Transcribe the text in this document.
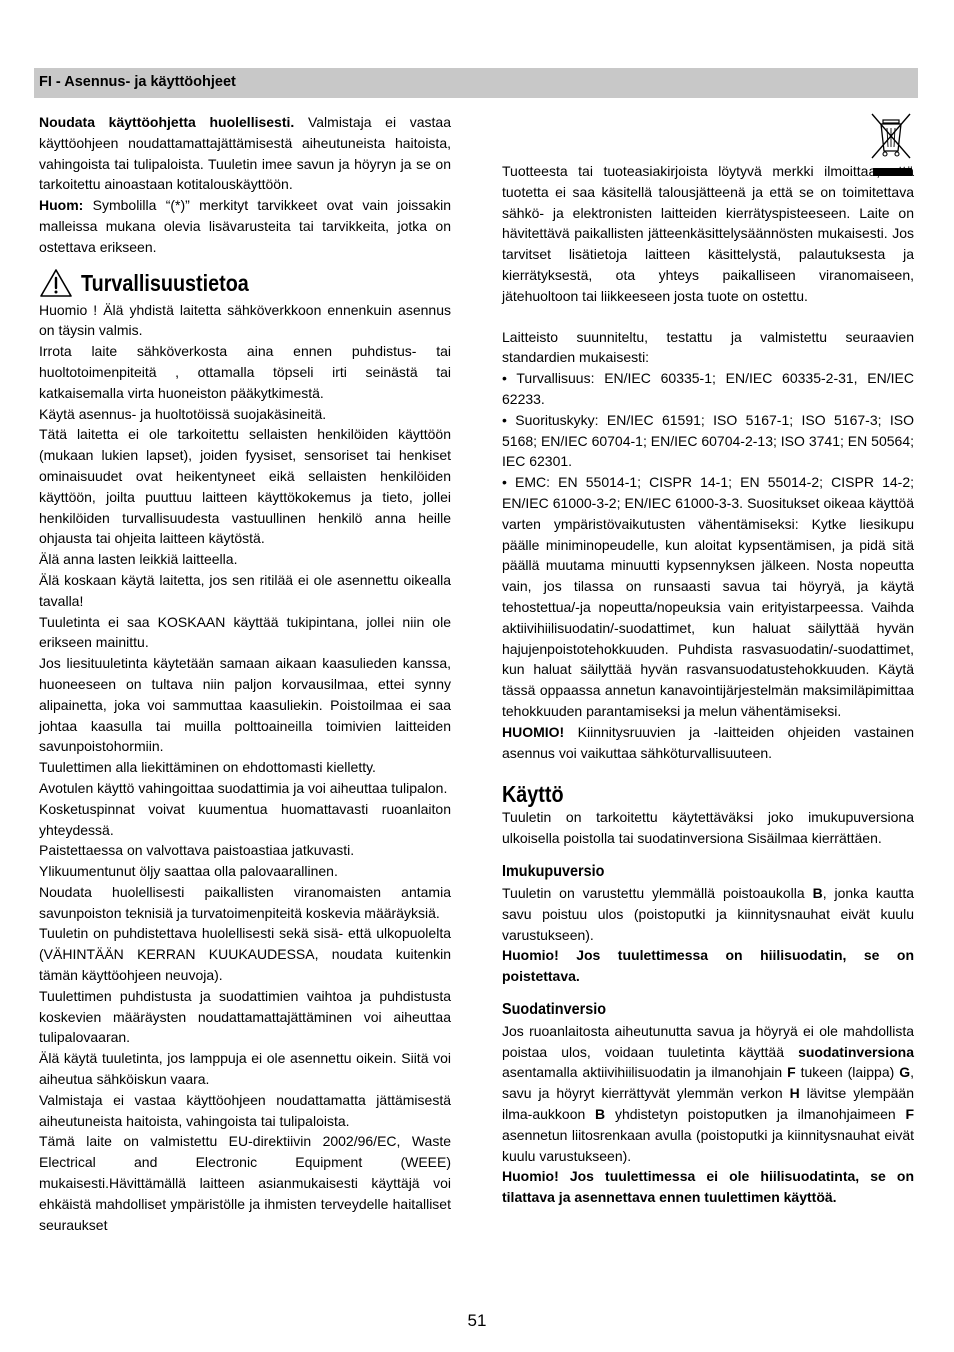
FI - Asennus- ja käyttöohjeet

Noudata käyttöohjetta huolellisesti. Valmistaja ei vastaa käyttöohjeen noudattamattajättämisestä aiheutuneista haitoista, vahingoista tai tulipaloista. Tuuletin imee savun ja höyryn ja se on tarkoitettu ainoastaan kotitalouskäyttöön.

Huom: Symbolilla “(*)” merkityt tarvikkeet ovat vain joissakin malleissa mukana olevia lisävarusteita tai tarvikkeita, jotka on ostettava erikseen.

Turvallisuustietoa

Huomio ! Älä yhdistä laitetta sähköverkkoon ennenkuin asennus on täysin valmis.

Irrota laite sähköverkosta aina ennen puhdistus- tai huoltotoimenpiteitä , ottamalla töpseli irti seinästä tai katkaisemalla virta huoneiston pääkytkimestä.

Käytä asennus- ja huoltotöissä suojakäsineitä.

Tätä laitetta ei ole tarkoitettu sellaisten henkilöiden käyttöön (mukaan lukien lapset), joiden fyysiset, sensoriset tai henkiset ominaisuudet ovat heikentyneet eikä sellaisten henkilöiden käyttöön, joilta puuttuu laitteen käyttökokemus ja tieto, jollei henkilöiden turvallisuudesta vastuullinen henkilö anna heille ohjausta tai ohjeita laitteen käytöstä.

Älä anna lasten leikkiä laitteella.

Älä koskaan käytä laitetta, jos sen ritilää ei ole asennettu oikealla tavalla!

Tuuletinta ei saa KOSKAAN käyttää tukipintana, jollei niin ole erikseen mainittu.

Jos liesituuletinta käytetään samaan aikaan kaasulieden kanssa, huoneeseen on tultava niin paljon korvausilmaa, ettei synny alipainetta, joka voi sammuttaa kaasuliekin. Poistoilmaa ei saa johtaa kaasulla tai muilla polttoaineilla toimivien laitteiden savunpoistohormiin.

Tuulettimen alla liekittäminen on ehdottomasti kielletty.

Avotulen käyttö vahingoittaa suodattimia ja voi aiheuttaa tulipalon.

Kosketuspinnat voivat kuumentua huomattavasti ruoanlaiton yhteydessä.

Paistettaessa on valvottava paistoastiaa jatkuvasti.

Ylikuumentunut öljy saattaa olla palovaarallinen.

Noudata huolellisesti paikallisten viranomaisten antamia savunpoiston teknisiä ja turvatoimenpiteitä koskevia määräyksiä.

Tuuletin on puhdistettava huolellisesti sekä sisä- että ulkopuolelta (VÄHINTÄÄN KERRAN KUUKAUDESSA, noudata kuitenkin tämän käyttöohjeen neuvoja).

Tuulettimen puhdistusta ja suodattimien vaihtoa ja puhdistusta koskevien määräysten noudattamattajättäminen voi aiheuttaa tulipalovaaran.

Älä käytä tuuletinta, jos lamppuja ei ole asennettu oikein. Siitä voi aiheutua sähköiskun vaara.

Valmistaja ei vastaa käyttöohjeen noudattamatta jättämisestä aiheutuneista haitoista, vahingoista tai tulipaloista.

Tämä laite on valmistettu EU-direktiivin 2002/96/EC, Waste Electrical and Electronic Equipment (WEEE) mukaisesti.Hävittämällä laitteen asianmukaisesti käyttäjä voi ehkäistä mahdolliset ympäristölle ja ihmisten terveydelle haitalliset seuraukset

Tuotteesta tai tuoteasiakirjoista löytyvä merkki ilmoittaa, että tuotetta ei saa käsitellä talousjätteenä ja että se on toimitettava sähkö- ja elektronisten laitteiden kierrätyspisteeseen. Laite on hävitettävä paikallisten jätteenkäsittelysäännösten mukaisesti. Jos tarvitset lisätietoja laitteen käsittelystä, palautuksesta ja kierrätyksestä, ota yhteys paikalliseen viranomaiseen, jätehuoltoon tai liikkeeseen josta tuote on ostettu.

Laitteisto suunniteltu, testattu ja valmistettu seuraavien standardien mukaisesti:

• Turvallisuus: EN/IEC 60335-1; EN/IEC 60335-2-31, EN/IEC 62233.

• Suorituskyky: EN/IEC 61591; ISO 5167-1; ISO 5167-3; ISO 5168; EN/IEC 60704-1; EN/IEC 60704-2-13; ISO 3741; EN 50564; IEC 62301.

• EMC: EN 55014-1; CISPR 14-1; EN 55014-2; CISPR 14-2; EN/IEC 61000-3-2; EN/IEC 61000-3-3. Suositukset oikeaa käyttöä varten ympäristövaikutusten vähentämiseksi: Kytke liesikupu päälle miniminopeudelle, kun aloitat kypsentämisen, ja pidä sitä päällä muutama minuutti kypsennyksen jälkeen. Nosta nopeutta vain, jos tilassa on runsaasti savua tai höyryä, ja käytä tehostettua/-ja nopeutta/nopeuksia vain erityistarpeessa. Vaihda aktiivihiilisuodatin/-suodattimet, kun haluat säilyttää hyvän hajujenpoistotehokkuuden. Puhdista rasvasuodatin/-suodattimet, kun haluat säilyttää hyvän rasvansuodatustehokkuuden. Käytä tässä oppaassa annetun kanavointijärjestelmän maksimiläpimittaa tehokkuuden parantamiseksi ja melun vähentämiseksi.

HUOMIO! Kiinnitysruuvien ja -laitteiden ohjeiden vastainen asennus voi vaikuttaa sähköturvallisuuteen.

Käyttö

Tuuletin on tarkoitettu käytettäväksi joko imukupuversiona ulkoisella poistolla tai suodatinversiona Sisäilmaa kierrättäen.

Imukupuversio

Tuuletin on varustettu ylemmällä poistoaukolla B, jonka kautta savu poistuu ulos (poistoputki ja kiinnitysnauhat eivät kuulu varustukseen).

Huomio! Jos tuulettimessa on hiilisuodatin, se on poistettava.

Suodatinversio

Jos ruoanlaitosta aiheutunutta savua ja höyryä ei ole mahdollista poistaa ulos, voidaan tuuletinta käyttää suodatinversiona asentamalla aktiivihiilisuodatin ja ilmanohjain F tukeen (laippa) G, savu ja höyryt kierrättyvät ylemmän verkon H lävitse ylempään ilma-aukkoon B yhdistetyn poistoputken ja ilmanohjaimeen F asennetun liitosrenkaan avulla (poistoputki ja kiinnitysnauhat eivät kuulu varustukseen).

Huomio! Jos tuulettimessa ei ole hiilisuodatinta, se on tilattava ja asennettava ennen tuulettimen käyttöä.

51
